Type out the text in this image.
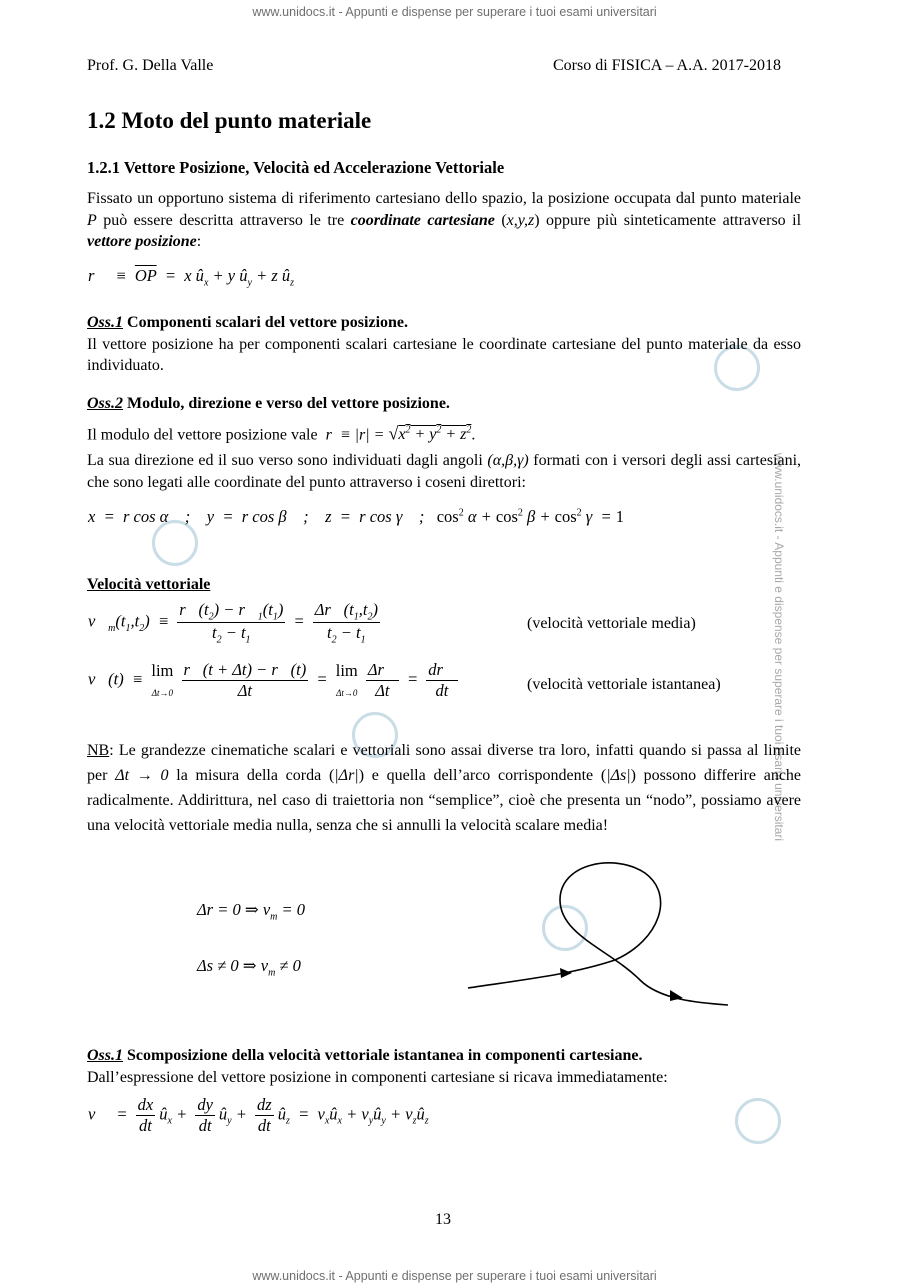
www.unidocs.it - Appunti e dispense per superare i tuoi esami universitari
www.unidocs.it - Appunti e dispense per superare i tuoi esami universitari
www.unidocs.it - Appunti e dispense per superare i tuoi esami universitari
Prof. G. Della Valle	Corso di FISICA – A.A. 2017-2018
1.2 Moto del punto materiale
1.2.1 Vettore Posizione, Velocità ed Accelerazione Vettoriale
Fissato un opportuno sistema di riferimento cartesiano dello spazio, la posizione occupata dal punto materiale P può essere descritta attraverso le tre coordinate cartesiane (x,y,z) oppure più sinteticamente attraverso il vettore posizione:
r⃗  ≡  $\overline{OP} = x$ $û_x + y$ $û_y + z$ $û_z$
Oss.1 Componenti scalari del vettore posizione.
Il vettore posizione ha per componenti scalari cartesiane le coordinate cartesiane del punto materiale da esso individuato.
Oss.2 Modulo, direzione e verso del vettore posizione.
Il modulo del vettore posizione vale  $r \equiv |r| = √x^2 + y^2 + z^2$.
La sua direzione ed il suo verso sono individuati dagli angoli (α,β,γ) formati con i versori degli assi cartesiani, che sono legati alle coordinate del punto attraverso i coseni direttori:
x  =  r cos α    ;    y  =  r cos β    ;    z  =  r cos γ    ;   $\cos^2 \alpha + \cos^2 \beta + \cos^2 \gamma = 1$
Velocità vettoriale
$v⃗_m(t_1,t_2) \equiv \frac{r⃗(t_2) - r⃗_1(t_1)}{t_2 - t_1} = \frac{\Delta r⃗(t_1,t_2)}{t_2 - t_1}$	(velocità vettoriale media)
v⃗(t)  ≡  lim
$\Delta t\to 0 \frac{r⃗(t + \Delta t) - r⃗(t)}{\Delta t} = \lim$
$\Delta t\to 0 \frac{\Delta r⃗}{\Delta t} = \frac{dr⃗}{dt}$	(velocità vettoriale istantanea)
NB: Le grandezze cinematiche scalari e vettoriali sono assai diverse tra loro, infatti quando si passa al limite per Δt → 0 la misura della corda (|Δr|) e quella dell’arco corrispondente (|Δs|) possono differire anche radicalmente. Addirittura, nel caso di traiettoria non “semplice”, cioè che presenta un “nodo”, possiamo avere una velocità vettoriale media nulla, senza che si annulli la velocità scalare media!
Δr = 0 ⇒ $v_m = 0$
Δs ≠ 0 ⇒ $v_m \ne 0$
Oss.1 Scomposizione della velocità vettoriale istantanea in componenti cartesiane.
Dall’espressione del vettore posizione in componenti cartesiane si ricava immediatamente:
v⃗  = $\frac{dx}{dt}$ $û_x + \frac{dy}{dt}$ $û_y + \frac{dz}{dt}$ $û_z$  =  $v_xû_x$ + $v_yû_y$ + $v_zû_z$
13
